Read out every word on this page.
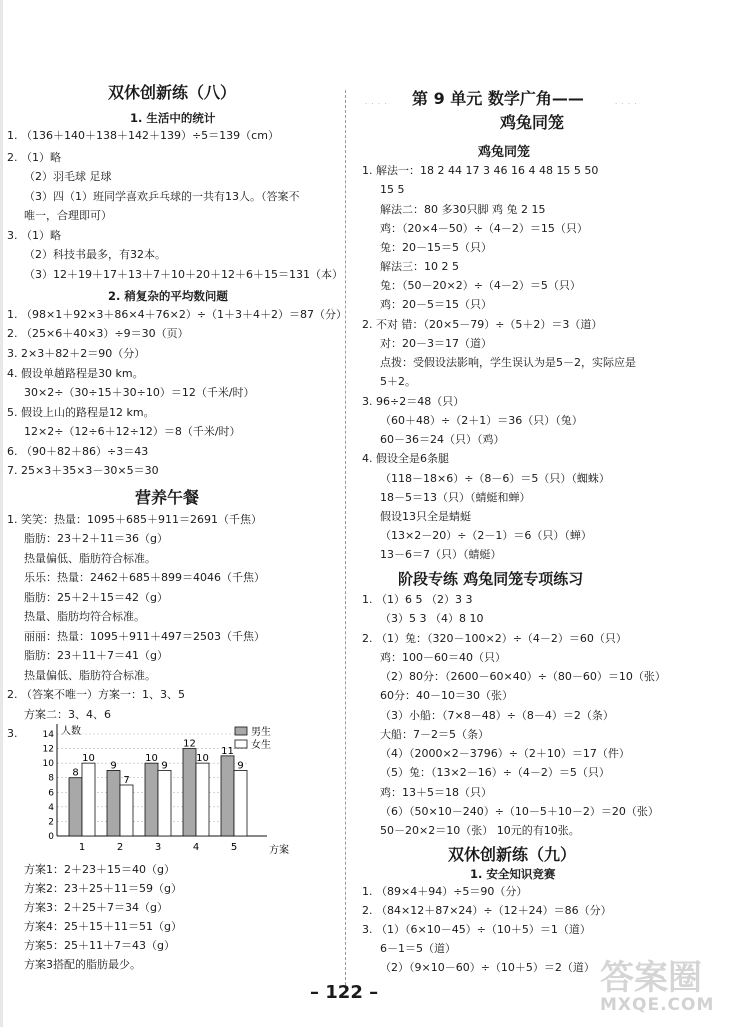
双休创新练（八）
1. 生活中的统计
1. （136＋140＋138＋142＋139）÷5＝139（cm）
2. （1）略
（2）羽毛球 足球
（3）四（1）班同学喜欢乒乓球的一共有13人。（答案不
唯一，合理即可）
3. （1）略
（2）科技书最多，有32本。
（3）12＋19＋17＋13＋7＋10＋20＋12＋6＋15＝131（本）
2. 稍复杂的平均数问题
1. （98×1＋92×3＋86×4＋76×2）÷（1＋3＋4＋2）＝87（分）
2. （25×6＋40×3）÷9＝30（页）
3. 2×3＋82＋2＝90（分）
4. 假设单趟路程是30 km。
30×2÷（30÷15＋30÷10）＝12（千米/时）
5. 假设上山的路程是12 km。
12×2÷（12÷6＋12÷12）＝8（千米/时）
6. （90＋82＋86）÷3＝43
7. 25×3＋35×3－30×5＝30
营养午餐
1. 笑笑：热量：1095＋685＋911＝2691（千焦）
脂肪：23＋2＋11＝36（g）
热量偏低、脂肪符合标准。
乐乐：热量：2462＋685＋899＝4046（千焦）
脂肪：25＋2＋15＝42（g）
热量、脂肪均符合标准。
丽丽：热量：1095＋911＋497＝2503（千焦）
脂肪：23＋11＋7＝41（g）
热量偏低、脂肪符合标准。
2. （答案不唯一）方案一：1、3、5
方案二：3、4、6
3.
2
4
6
8
10
12
14
0
人数
方案
8
10
1
9
7
2
10
9
3
12
10
4
11
9
5
男生
女生
方案1：2＋23＋15＝40（g）
方案2：23＋25＋11＝59（g）
方案3：2＋25＋7＝34（g）
方案4：25＋15＋11＝51（g）
方案5：25＋11＋7＝43（g）
方案3搭配的脂肪最少。
· · · ·	· · · ·
第 9 单元 数学广角——
鸡兔同笼
鸡兔同笼
1. 解法一：18 2 44 17 3 46 16 4 48 15 5 50
15 5
解法二：80 多30只脚 鸡 兔 2 15
鸡：（20×4－50）÷（4－2）＝15（只）
兔：20－15＝5（只）
解法三：10 2 5
兔：（50－20×2）÷（4－2）＝5（只）
鸡：20－5＝15（只）
2. 不对 错：（20×5－79）÷（5＋2）＝3（道）
对：20－3＝17（道）
点拨：受假设法影响，学生误认为是5－2，实际应是
5＋2。
3. 96÷2＝48（只）
（60＋48）÷（2＋1）＝36（只）（兔）
60－36＝24（只）（鸡）
4. 假设全是6条腿
（118－18×6）÷（8－6）＝5（只）（蜘蛛）
18－5＝13（只）（蜻蜓和蝉）
假设13只全是蜻蜓
（13×2－20）÷（2－1）＝6（只）（蝉）
13－6＝7（只）（蜻蜓）
阶段专练 鸡兔同笼专项练习
1. （1）6 5 （2）3 3
（3）5 3 （4）8 10
2. （1）兔：（320－100×2）÷（4－2）＝60（只）
鸡：100－60＝40（只）
（2）80分：（2600－60×40）÷（80－60）＝10（张）
60分：40－10＝30（张）
（3）小船：（7×8－48）÷（8－4）＝2（条）
大船：7－2＝5（条）
（4）（2000×2－3796）÷（2＋10）＝17（件）
（5）兔：（13×2－16）÷（4－2）＝5（只）
鸡：13＋5＝18（只）
（6）（50×10－240）÷（10－5＋10－2）＝20（张）
50－20×2＝10（张） 10元的有10张。
双休创新练（九）
1. 安全知识竞赛
1. （89×4＋94）÷5＝90（分）
2. （84×12＋87×24）÷（12＋24）＝86（分）
3. （1）（6×10－45）÷（10＋5）＝1（道）
6－1＝5（道）
（2）（9×10－60）÷（10＋5）＝2（道）
– 122 –	答案圈
MXQE.COM
